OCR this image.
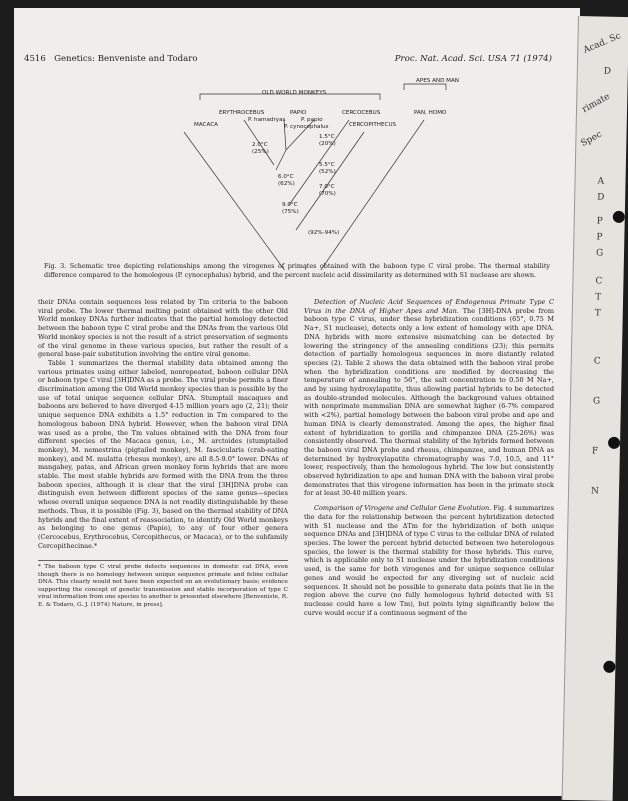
4516 Genetics: Benveniste and Todaro	Proc. Nat. Acad. Sci. USA 71 (1974)
OLD WORLD MONKEYS
APES AND MAN
ERYTHROCEBUS	PAPIO	CERCOCEBUS	PAN, HOMO
MACACA
P. hamadryas	P. papio
P. cynocephalus	CERCOPITHECUS
2.0°C
(25%)
1.5°C
(20%)
5.5°C
(52%)
6.0°C
(62%)	7.0°C
(70%)
9.0°C
(75%)
(92%-94%)
Fig. 3. Schematic tree depicting relationships among the virogenes of primates obtained with the baboon type C viral probe. The thermal stability difference compared to the homologous (P. cynocephalus) hybrid, and the percent nucleic acid dissimilarity as determined with S1 nuclease are shown.

their DNAs contain sequences less related by Tm criteria to the baboon viral probe. The lower thermal melting point obtained with the other Old World monkey DNAs further indicates that the partial homology detected between the baboon type C viral probe and the DNAs from the various Old World monkey species is not the result of a strict preservation of segments of the viral genome in these various species, but rather the result of a general base-pair substitution involving the entire viral genome.

Table 1 summarizes the thermal stability data obtained among the various primates using either labeled, nonrepeated, baboon cellular DNA or baboon type C viral [3H]DNA as a probe. The viral probe permits a finer discrimination among the Old World monkey species than is possible by the use of total unique sequence cellular DNA. Stumptail macaques and baboons are believed to have diverged 4-15 million years ago (2, 21); their unique sequence DNA exhibits a 1.5° reduction in Tm compared to the homologous baboon DNA hybrid. However, when the baboon viral DNA was used as a probe, the Tm values obtained with the DNA from four different species of the Macaca genus, i.e., M. arctoides (stumptailed monkey), M. nemestrina (pigtailed monkey), M. fascicularis (crab-eating monkey), and M. mulatta (rhesus monkey), are all 8.5-9.0° lower. DNAs of mangabey, patas, and African green monkey form hybrids that are more stable. The most stable hybrids are formed with the DNA from the three baboon species, although it is clear that the viral [3H]DNA probe can distinguish even between different species of the same genus—species whose overall unique sequence DNA is not readily distinguishable by these methods. Thus, it is possible (Fig. 3), based on the thermal stability of DNA hybrids and the final extent of reassociation, to identify Old World monkeys as belonging to one genus (Papio), to any of four other genera (Cercocebus, Erythrocebus, Cercopithecus, or Macaca), or to the subfamily Cercopithecinae.*

* The baboon type C viral probe detects sequences in domestic cat DNA, even though there is no homology between unique sequence primate and feline cellular DNA. This clearly would not have been expected on an evolutionary basis; evidence supporting the concept of genetic transmission and stable incorporation of type C viral information from one species to another is presented elsewhere [Benveniste, R. E. & Todaro, G. J. (1974) Nature, in press].

Detection of Nucleic Acid Sequences of Endogenous Primate Type C Virus in the DNA of Higher Apes and Man. The [3H]-DNA probe from baboon type C virus, under these hybridization conditions (65°, 0.75 M Na+, S1 nuclease), detects only a low extent of homology with ape DNA. DNA hybrids with more extensive mismatching can be detected by lowering the stringency of the annealing conditions (23); this permits detection of partially homologous sequences in more distantly related species (2). Table 2 shows the data obtained with the baboon viral probe when the hybridization conditions are modified by decreasing the temperature of annealing to 56°, the salt concentration to 0.50 M Na+, and by using hydroxylapatite, thus allowing partial hybrids to be detected as double-stranded molecules. Although the background values obtained with nonprimate mammalian DNA are somewhat higher (6-7% compared with <2%), partial homology between the baboon viral probe and ape and human DNA is clearly demonstrated. Among the apes, the higher final extent of hybridization to gorilla and chimpanzee DNA (25-26%) was consistently observed. The thermal stability of the hybrids formed between the baboon viral DNA probe and rhesus, chimpanzee, and human DNA as determined by hydroxylapatite chromatography was 7.0, 10.5, and 11° lower, respectively, than the homologous hybrid. The low but consistently observed hybridization to ape and human DNA with the baboon viral probe demonstrates that this virogene information has been in the primate stock for at least 30-40 million years.

Comparison of Virogene and Cellular Gene Evolution. Fig. 4 summarizes the data for the relationship between the percent hybridization detected with S1 nuclease and the ΔTm for the hybridization of both unique sequence DNAs and [3H]DNA of type C virus to the cellular DNA of related species. The lower the percent hybrid detected between two heterologous species, the lower is the thermal stability for those hybrids. This curve, which is applicable only to S1 nuclease under the hybridization conditions used, is the same for both virogenes and for unique sequence cellular genes and would be expected for any diverging set of nucleic acid sequences. It should not be possible to generate data points that lie in the region above the curve (no fully homologous hybrid detected with S1 nuclease could have a low Tm), but points lying significantly below the curve would occur if a continuous segment of the

Acad. Sc
D
rimate
Spec
A
D
P
P
G
C
T
T
C
G
F
N
